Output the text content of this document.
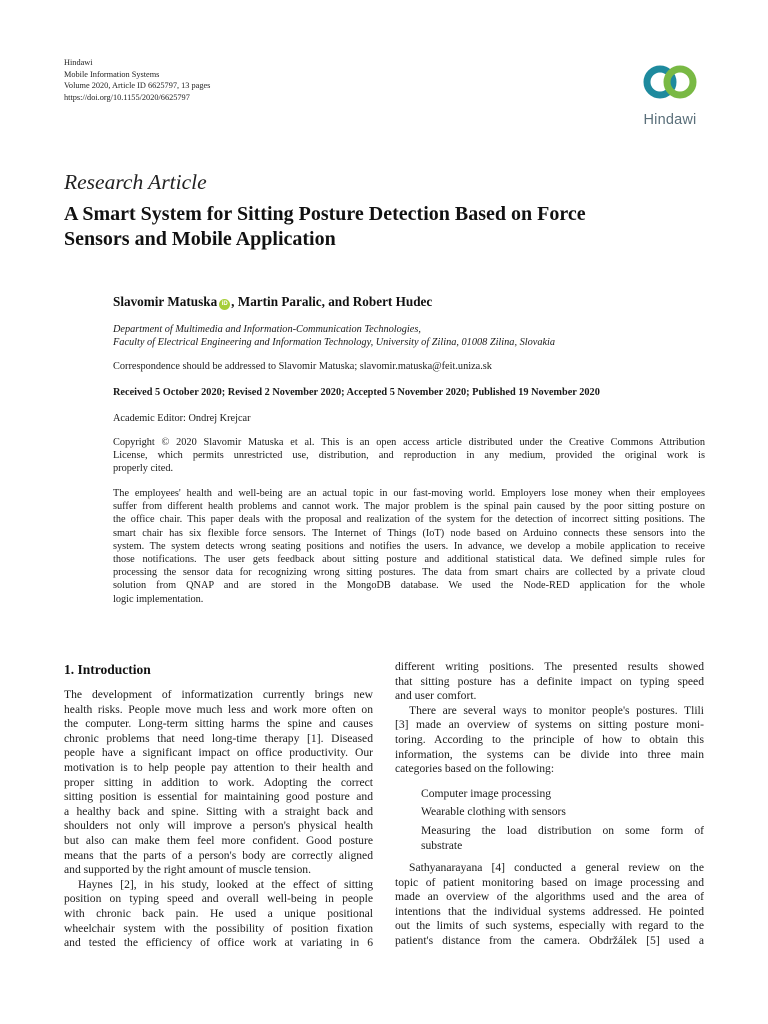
Hindawi
Mobile Information Systems
Volume 2020, Article ID 6625797, 13 pages
https://doi.org/10.1155/2020/6625797
Hindawi
Research Article
A Smart System for Sitting Posture Detection Based on Force
Sensors and Mobile Application
Slavomir Matuska iD , Martin Paralic, and Robert Hudec
Department of Multimedia and Information-Communication Technologies,
Faculty of Electrical Engineering and Information Technology, University of Zilina, 01008 Zilina, Slovakia
Correspondence should be addressed to Slavomir Matuska; slavomir.matuska@feit.uniza.sk
Received 5 October 2020; Revised 2 November 2020; Accepted 5 November 2020; Published 19 November 2020
Academic Editor: Ondrej Krejcar
Copyright © 2020 Slavomir Matuska et al. This is an open access article distributed under the Creative Commons Attribution
License, which permits unrestricted use, distribution, and reproduction in any medium, provided the original work is
properly cited.
The employees' health and well-being are an actual topic in our fast-moving world. Employers lose money when their employees
suffer from different health problems and cannot work. The major problem is the spinal pain caused by the poor sitting posture on
the office chair. This paper deals with the proposal and realization of the system for the detection of incorrect sitting positions. The
smart chair has six flexible force sensors. The Internet of Things (IoT) node based on Arduino connects these sensors into the
system. The system detects wrong seating positions and notifies the users. In advance, we develop a mobile application to receive
those notifications. The user gets feedback about sitting posture and additional statistical data. We defined simple rules for
processing the sensor data for recognizing wrong sitting postures. The data from smart chairs are collected by a private cloud
solution from QNAP and are stored in the MongoDB database. We used the Node-RED application for the whole
logic implementation.
1. Introduction
The development of informatization currently brings new
health risks. People move much less and work more often on
the computer. Long-term sitting harms the spine and causes
chronic problems that need long-time therapy [1]. Diseased
people have a significant impact on office productivity. Our
motivation is to help people pay attention to their health and
proper sitting in addition to work. Adopting the correct
sitting position is essential for maintaining good posture and
a healthy back and spine. Sitting with a straight back and
shoulders not only will improve a person's physical health
but also can make them feel more confident. Good posture
means that the parts of a person's body are correctly aligned
and supported by the right amount of muscle tension.
Haynes [2], in his study, looked at the effect of sitting
position on typing speed and overall well-being in people
with chronic back pain. He used a unique positional
wheelchair system with the possibility of position fixation
and tested the efficiency of office work at variating in 6
different writing positions. The presented results showed
that sitting posture has a definite impact on typing speed
and user comfort.
There are several ways to monitor people's postures. Tlili
[3] made an overview of systems on sitting posture moni-
toring. According to the principle of how to obtain this
information, the systems can be divide into three main
categories based on the following:
Computer image processing
Wearable clothing with sensors
Measuring the load distribution on some form of
substrate
Sathyanarayana [4] conducted a general review on the
topic of patient monitoring based on image processing and
made an overview of the algorithms used and the area of
intentions that the individual systems addressed. He pointed
out the limits of such systems, especially with regard to the
patient's distance from the camera. Obdržálek [5] used a
